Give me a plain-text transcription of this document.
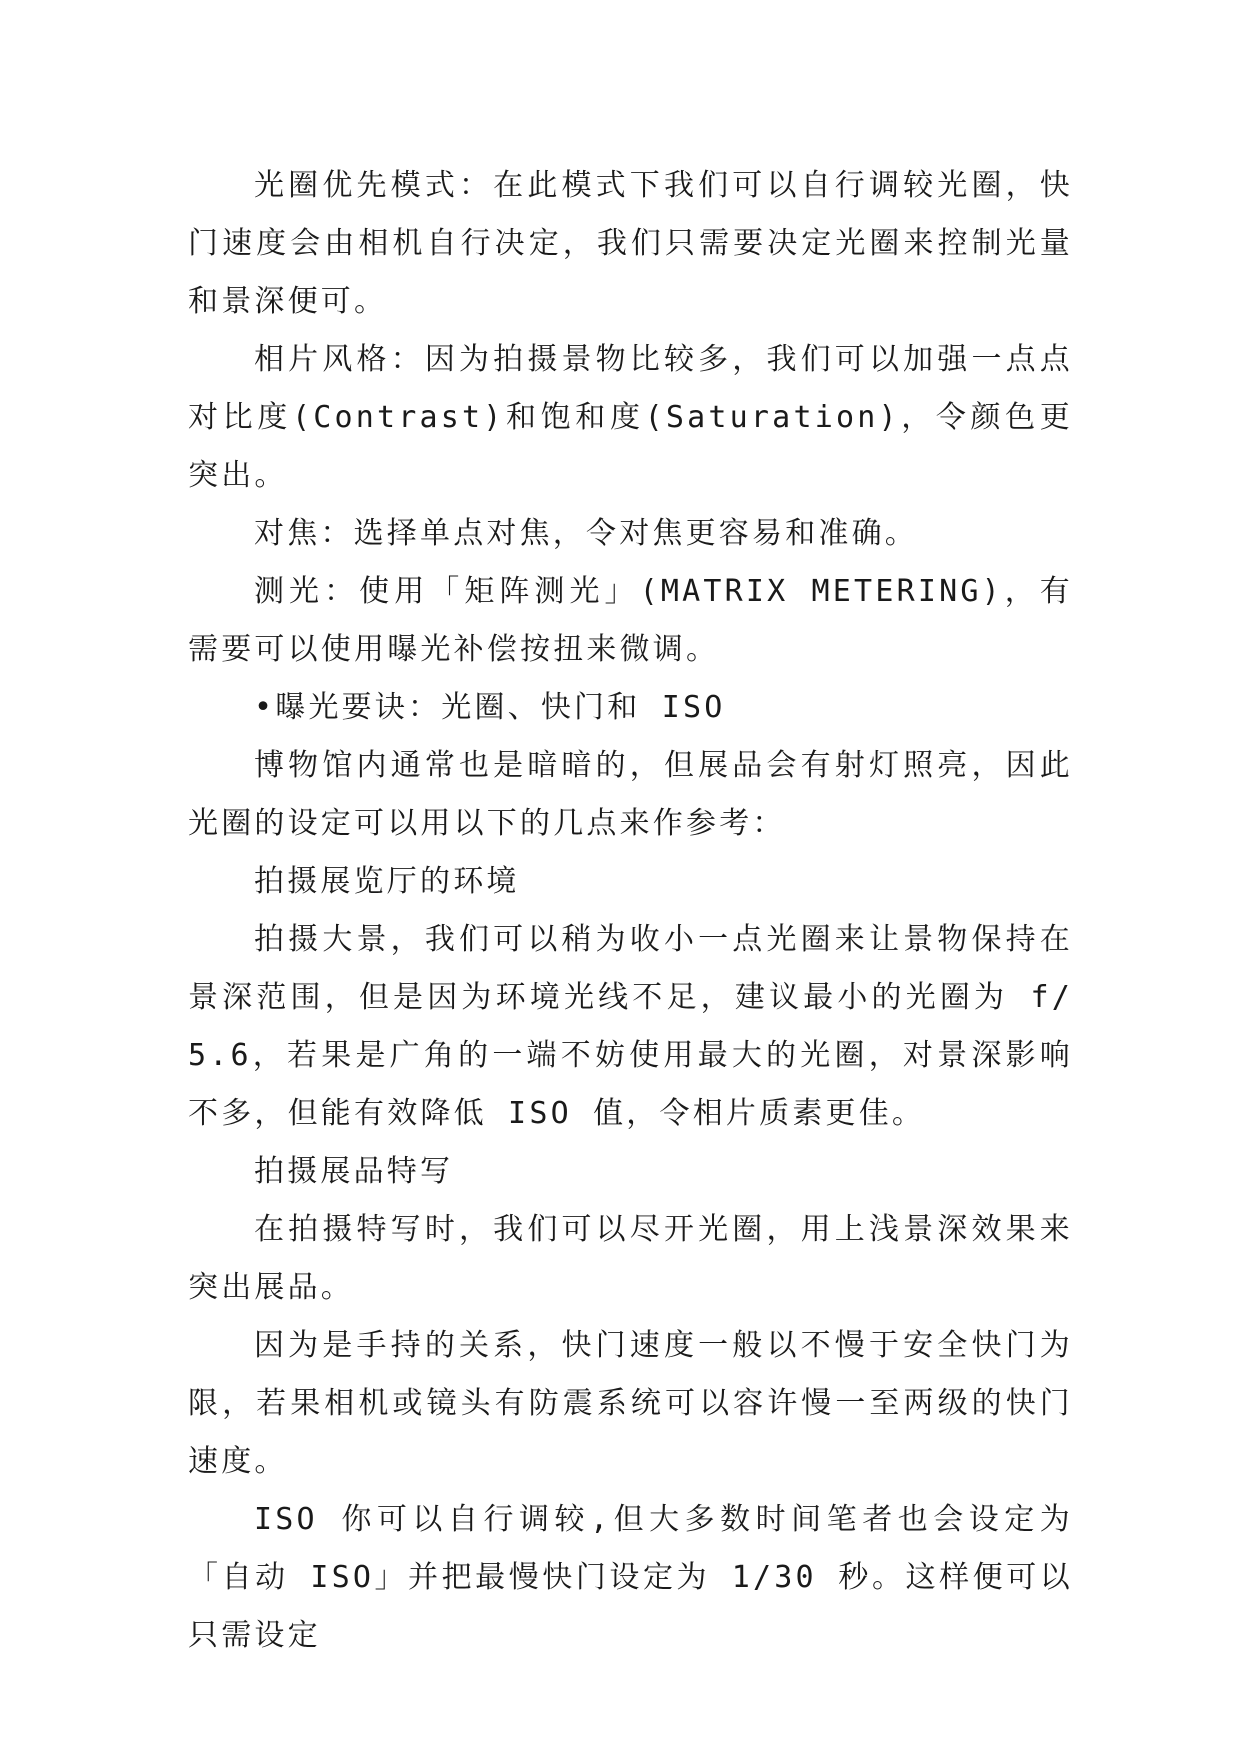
光圈优先模式：在此模式下我们可以自行调较光圈，快门速度会由相机自行决定，我们只需要决定光圈来控制光量和景深便可。

相片风格：因为拍摄景物比较多，我们可以加强一点点对比度(Contrast)和饱和度(Saturation)，令颜色更突出。

对焦：选择单点对焦，令对焦更容易和准确。

测光：使用「矩阵测光」(MATRIX METERING)，有需要可以使用曝光补偿按扭来微调。

•曝光要诀：光圈、快门和 ISO

博物馆内通常也是暗暗的，但展品会有射灯照亮，因此光圈的设定可以用以下的几点来作参考：

拍摄展览厅的环境

拍摄大景，我们可以稍为收小一点光圈来让景物保持在景深范围，但是因为环境光线不足，建议最小的光圈为 f/5.6，若果是广角的一端不妨使用最大的光圈，对景深影响不多，但能有效降低 ISO 值，令相片质素更佳。

拍摄展品特写

在拍摄特写时，我们可以尽开光圈，用上浅景深效果来突出展品。

因为是手持的关系，快门速度一般以不慢于安全快门为限，若果相机或镜头有防震系统可以容许慢一至两级的快门速度。

ISO 你可以自行调较,但大多数时间笔者也会设定为「自动 ISO」并把最慢快门设定为 1/30 秒。这样便可以只需设定
